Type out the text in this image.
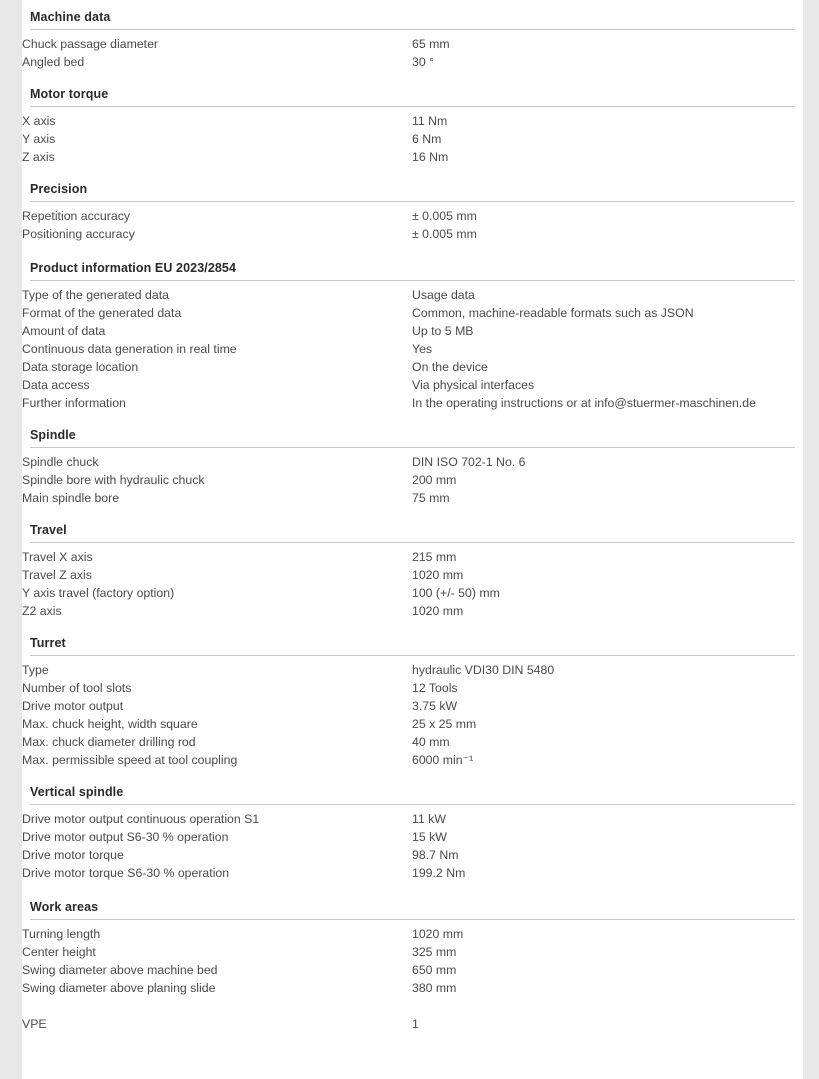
Machine data
Chuck passage diameter	65 mm
Angled bed	30 °
Motor torque
X axis	11 Nm
Y axis	6 Nm
Z axis	16 Nm
Precision
Repetition accuracy	± 0.005 mm
Positioning accuracy	± 0.005 mm
Product information EU 2023/2854
Type of the generated data	Usage data
Format of the generated data	Common, machine-readable formats such as JSON
Amount of data	Up to 5 MB
Continuous data generation in real time	Yes
Data storage location	On the device
Data access	Via physical interfaces
Further information	In the operating instructions or at info@stuermer-maschinen.de
Spindle
Spindle chuck	DIN ISO 702-1 No. 6
Spindle bore with hydraulic chuck	200 mm
Main spindle bore	75 mm
Travel
Travel X axis	215 mm
Travel Z axis	1020 mm
Y axis travel (factory option)	100 (+/- 50) mm
Z2 axis	1020 mm
Turret
Type	hydraulic VDI30 DIN 5480
Number of tool slots	12 Tools
Drive motor output	3.75 kW
Max. chuck height, width square	25 x 25 mm
Max. chuck diameter drilling rod	40 mm
Max. permissible speed at tool coupling	6000 min⁻¹
Vertical spindle
Drive motor output continuous operation S1	11 kW
Drive motor output S6-30 % operation	15 kW
Drive motor torque	98.7 Nm
Drive motor torque S6-30 % operation	199.2 Nm
Work areas
Turning length	1020 mm
Center height	325 mm
Swing diameter above machine bed	650 mm
Swing diameter above planing slide	380 mm
VPE	1
